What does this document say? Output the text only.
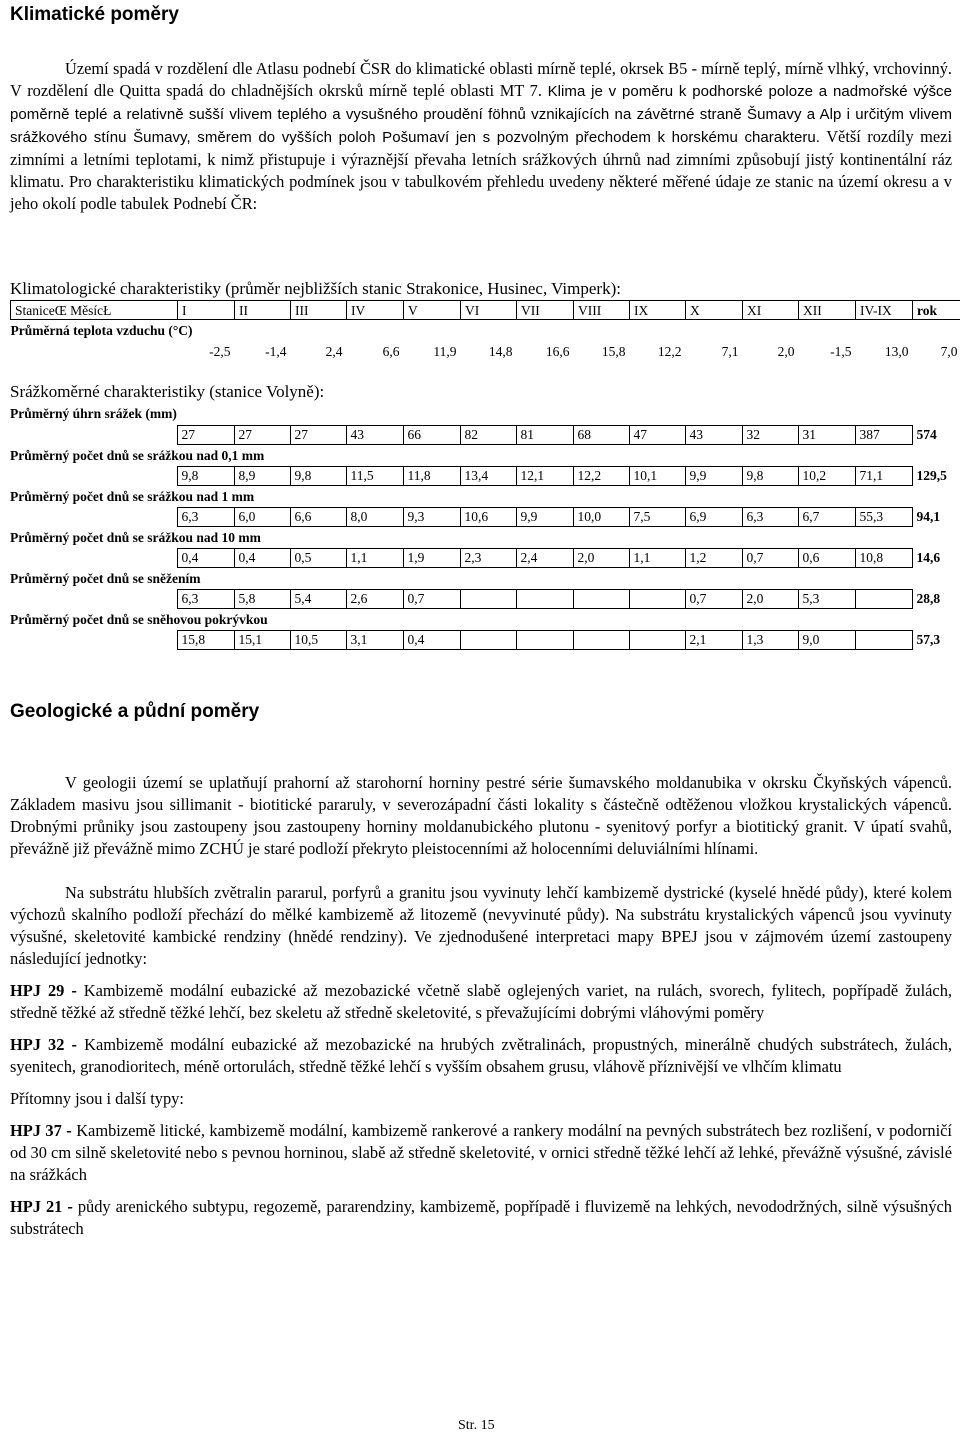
Klimatické poměry

Území spadá v rozdělení dle Atlasu podnebí ČSR do klimatické oblasti mírně teplé, okrsek B5 - mírně teplý, mírně vlhký, vrchovinný. V rozdělení dle Quitta spadá do chladnějších okrsků mírně teplé oblasti MT 7. Klima je v poměru k podhorské poloze a nadmořské výšce poměrně teplé a relativně sušší vlivem teplého a vysušného proudění föhnů vznikajících na závětrné straně Šumavy a Alp i určitým vlivem srážkového stínu Šumavy, směrem do vyšších poloh Pošumaví jen s pozvolným přechodem k horskému charakteru. Větší rozdíly mezi zimními a letními teplotami, k nimž přistupuje i výraznější převaha letních srážkových úhrnů nad zimními způsobují jistý kontinentální ráz klimatu. Pro charakteristiku klimatických podmínek jsou v tabulkovém přehledu uvedeny některé měřené údaje ze stanic na území okresu a v jeho okolí podle tabulek Podnebí ČR:

Klimatologické charakteristiky (průměr nejbližších stanic Strakonice, Husinec, Vimperk):
StaniceŒ MěsícŁ	I	II	III	IV	V	VI	VII	VIII	IX	X	XI	XII	IV-IX	rok
Průměrná teplota vzduchu (°C)														
	-2,5	-1,4	2,4	6,6	11,9	14,8	16,6	15,8	12,2	7,1	2,0	-1,5	13,0	7,0
Srážkoměrné charakteristiky (stanice Volyně):
Průměrný úhrn srážek (mm)														
	27	27	27	43	66	82	81	68	47	43	32	31	387	574
Průměrný počet dnů se srážkou nad 0,1 mm														
	9,8	8,9	9,8	11,5	11,8	13,4	12,1	12,2	10,1	9,9	9,8	10,2	71,1	129,5
Průměrný počet dnů se srážkou nad 1 mm														
	6,3	6,0	6,6	8,0	9,3	10,6	9,9	10,0	7,5	6,9	6,3	6,7	55,3	94,1
Průměrný počet dnů se srážkou nad 10 mm														
	0,4	0,4	0,5	1,1	1,9	2,3	2,4	2,0	1,1	1,2	0,7	0,6	10,8	14,6
Průměrný počet dnů se sněžením														
	6,3	5,8	5,4	2,6	0,7					0,7	2,0	5,3		28,8
Průměrný počet dnů se sněhovou pokrývkou														
	15,8	15,1	10,5	3,1	0,4					2,1	1,3	9,0		57,3
Geologické a půdní poměry

V geologii území se uplatňují prahorní až starohorní horniny pestré série šumavského moldanubika v okrsku Čkyňských vápenců. Základem masivu jsou sillimanit - biotitické pararuly, v severozápadní části lokality s částečně odtěženou vložkou krystalických vápenců. Drobnými průniky jsou zastoupeny jsou zastoupeny horniny moldanubického plutonu - syenitový porfyr a biotitický granit. V úpatí svahů, převážně již převážně mimo ZCHÚ je staré podloží překryto pleistocenními až holocenními deluviálními hlínami.

Na substrátu hlubších zvětralin pararul, porfyrů a granitu jsou vyvinuty lehčí kambizemě dystrické (kyselé hnědé půdy), které kolem výchozů skalního podloží přechází do mělké kambizemě až litozemě (nevyvinuté půdy). Na substrátu krystalických vápenců jsou vyvinuty výsušné, skeletovité kambické rendziny (hnědé rendziny). Ve zjednodušené interpretaci mapy BPEJ jsou v zájmovém území zastoupeny následující jednotky:

HPJ 29 - Kambizemě modální eubazické až mezobazické včetně slabě oglejených variet, na rulách, svorech, fylitech, popřípadě žulách, středně těžké až středně těžké lehčí, bez skeletu až středně skeletovité, s převažujícími dobrými vláhovými poměry

HPJ 32 - Kambizemě modální eubazické až mezobazické na hrubých zvětralinách, propustných, minerálně chudých substrátech, žulách, syenitech, granodioritech, méně ortorulách, středně těžké lehčí s vyšším obsahem grusu, vláhově příznivější ve vlhčím klimatu

Přítomny jsou i další typy:

HPJ 37 - Kambizemě litické, kambizemě modální, kambizemě rankerové a rankery modální na pevných substrátech bez rozlišení, v podorničí od 30 cm silně skeletovité nebo s pevnou horninou, slabě až středně skeletovité, v ornici středně těžké lehčí až lehké, převážně výsušné, závislé na srážkách

HPJ 21 - půdy arenického subtypu, regozemě, pararendziny, kambizemě, popřípadě i fluvizemě na lehkých, nevododržných, silně výsušných substrátech

Str. 15
